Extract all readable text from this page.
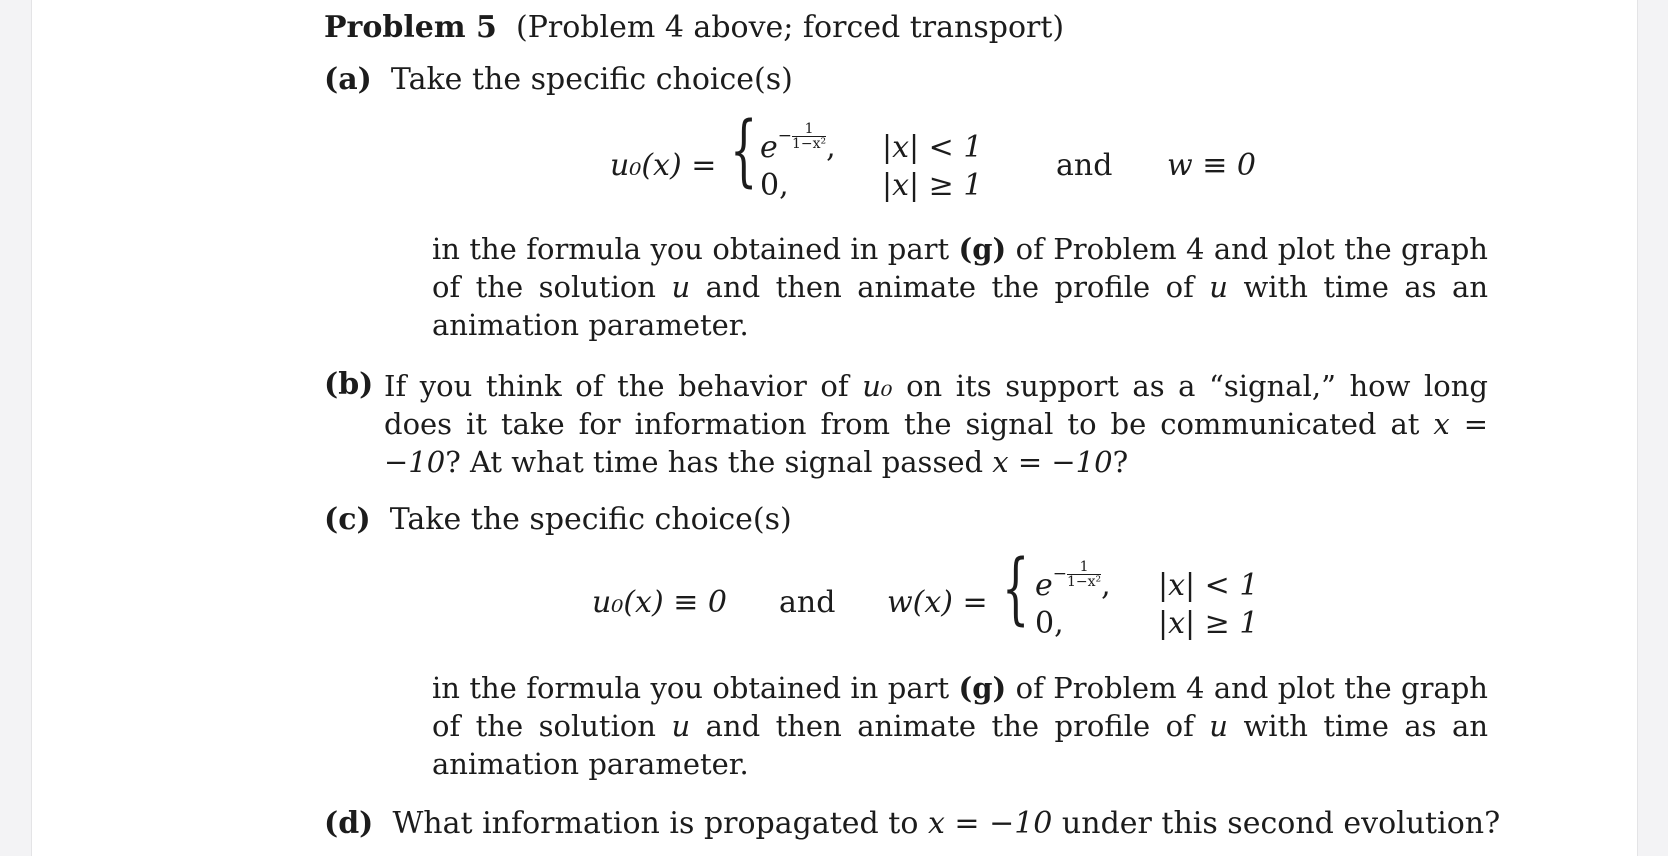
Problem 5 (Problem 4 above; forced transport)
(a) Take the specific choice(s)
u₀(x) = { $e^{- \frac{1}{\text{1−x²}}}$ , |x| < 1
0,	|x| ≥ 1
and w ≡ 0
in the formula you obtained in part (g) of Problem 4 and plot the graph of the solution u and then animate the profile of u with time as an animation parameter.
(b) If you think of the behavior of u₀ on its support as a “signal,” how long does it take for information from the signal to be communicated at x = −10? At what time has the signal passed x = −10?
(c) Take the specific choice(s)
u₀(x) ≡ 0 and w(x) = { $e^{- \frac{1}{\text{1−x²}}}$ , |x| < 1
0,	|x| ≥ 1
in the formula you obtained in part (g) of Problem 4 and plot the graph of the solution u and then animate the profile of u with time as an animation parameter.
(d) What information is propagated to x = −10 under this second evolution?
